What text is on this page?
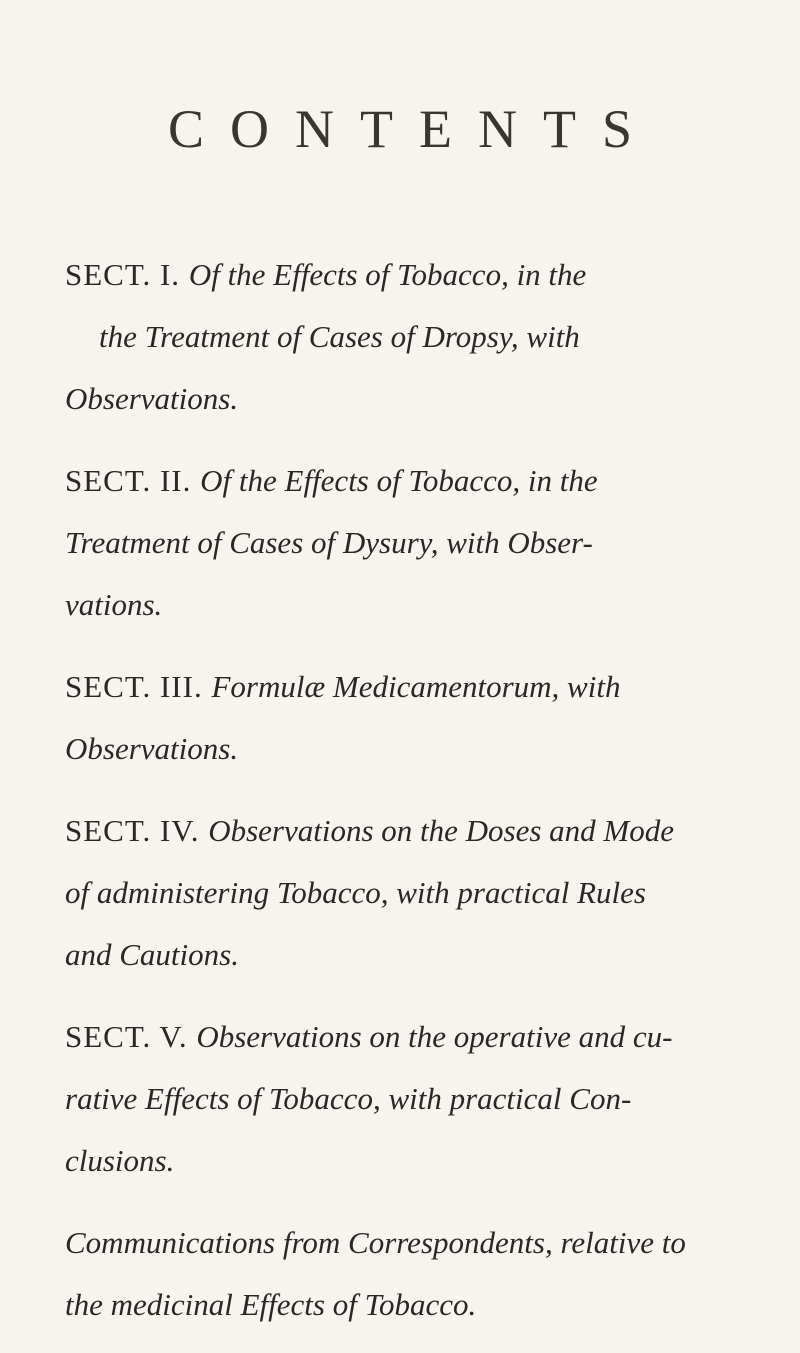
CONTENTS
SECT. I. Of the Effects of Tobacco, in the
the Treatment of Cases of Dropsy, with
Observations.
SECT. II. Of the Effects of Tobacco, in the
Treatment of Cases of Dysury, with Obser-
vations.
SECT. III. Formulæ Medicamentorum, with
Observations.
SECT. IV. Observations on the Doses and Mode
of administering Tobacco, with practical Rules
and Cautions.
SECT. V. Observations on the operative and cu-
rative Effects of Tobacco, with practical Con-
clusions.
Communications from Correspondents, relative to
the medicinal Effects of Tobacco.
